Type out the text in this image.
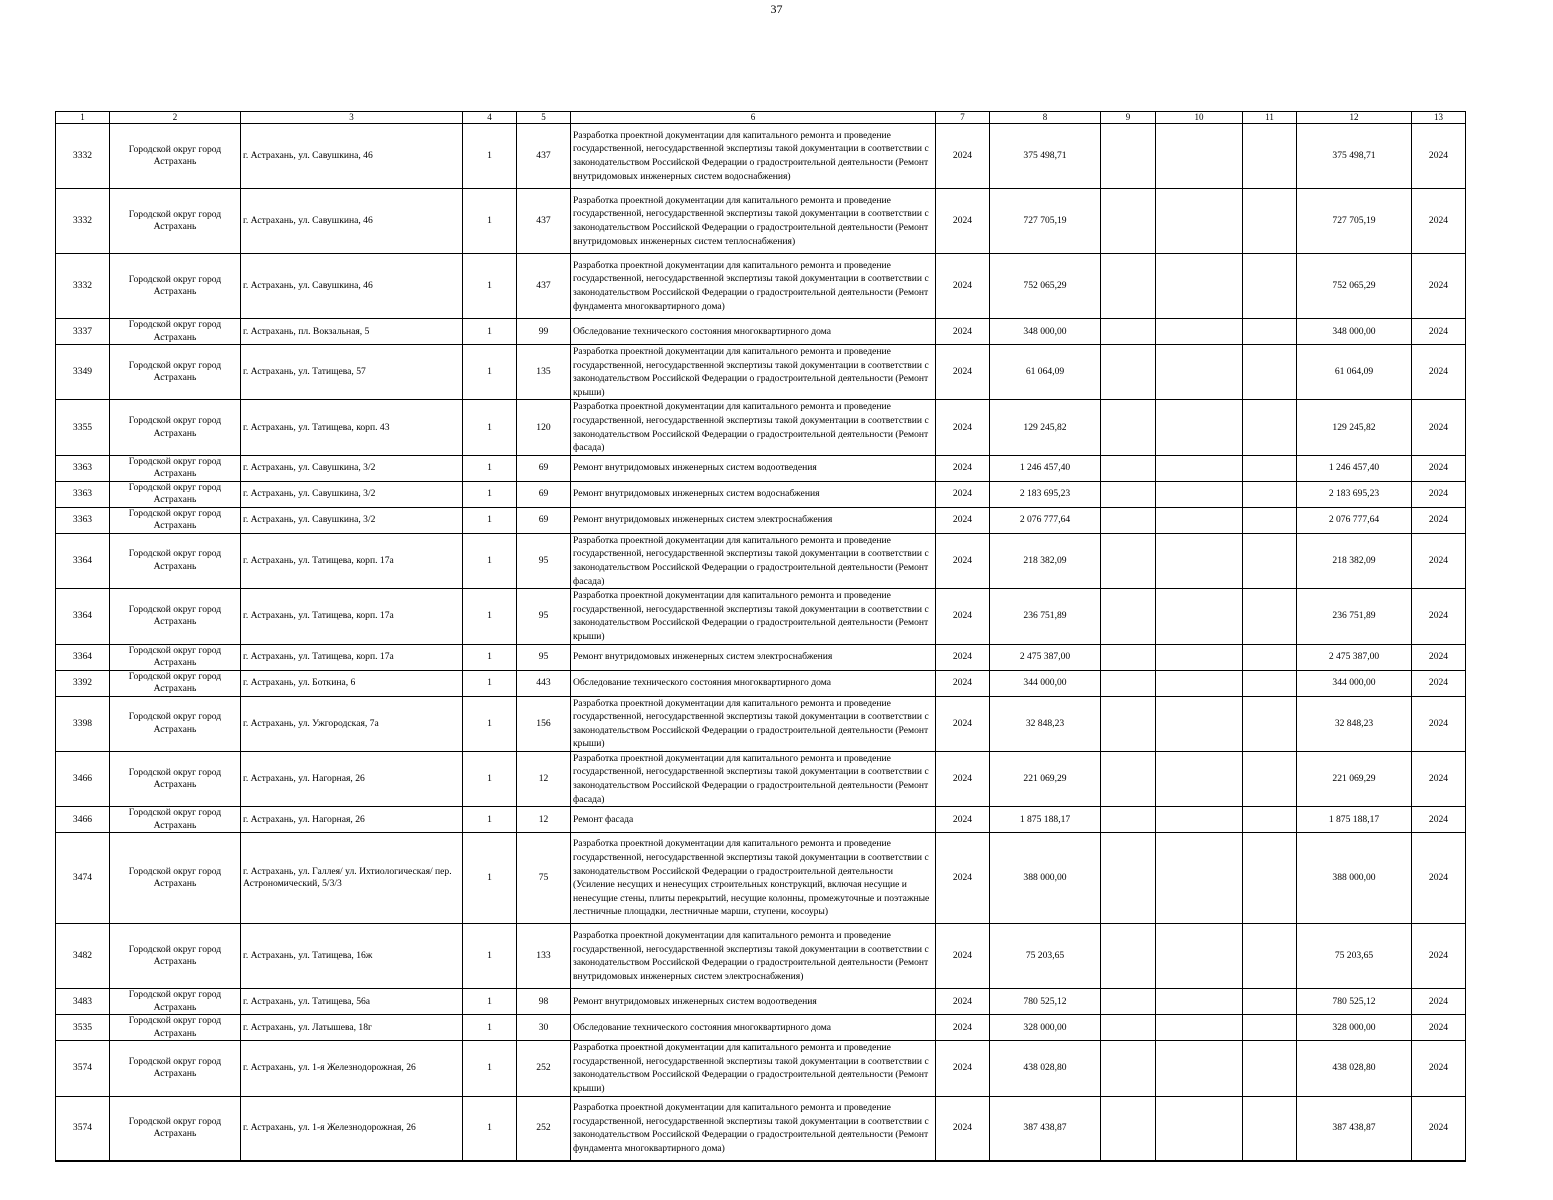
37
1	2	3	4	5	6	7	8	9	10	11	12	13
3332	Городской округ город Астрахань	г. Астрахань, ул. Савушкина, 46	1	437	Разработка проектной документации для капитального ремонта и проведение государственной, негосударственной экспертизы такой документации в соответствии с законодательством Российской Федерации о градостроительной деятельности (Ремонт внутридомовых инженерных систем водоснабжения)	2024	375 498,71				375 498,71	2024
3332	Городской округ город Астрахань	г. Астрахань, ул. Савушкина, 46	1	437	Разработка проектной документации для капитального ремонта и проведение государственной, негосударственной экспертизы такой документации в соответствии с законодательством Российской Федерации о градостроительной деятельности (Ремонт внутридомовых инженерных систем теплоснабжения)	2024	727 705,19				727 705,19	2024
3332	Городской округ город Астрахань	г. Астрахань, ул. Савушкина, 46	1	437	Разработка проектной документации для капитального ремонта и проведение государственной, негосударственной экспертизы такой документации в соответствии с законодательством Российской Федерации о градостроительной деятельности (Ремонт фундамента многоквартирного дома)	2024	752 065,29				752 065,29	2024
3337	Городской округ город Астрахань	г. Астрахань, пл. Вокзальная, 5	1	99	Обследование технического состояния многоквартирного дома	2024	348 000,00				348 000,00	2024
3349	Городской округ город Астрахань	г. Астрахань, ул. Татищева, 57	1	135	Разработка проектной документации для капитального ремонта и проведение государственной, негосударственной экспертизы такой документации в соответствии с законодательством Российской Федерации о градостроительной деятельности (Ремонт крыши)	2024	61 064,09				61 064,09	2024
3355	Городской округ город Астрахань	г. Астрахань, ул. Татищева, корп. 43	1	120	Разработка проектной документации для капитального ремонта и проведение государственной, негосударственной экспертизы такой документации в соответствии с законодательством Российской Федерации о градостроительной деятельности (Ремонт фасада)	2024	129 245,82				129 245,82	2024
3363	Городской округ город Астрахань	г. Астрахань, ул. Савушкина, 3/2	1	69	Ремонт внутридомовых инженерных систем водоотведения	2024	1 246 457,40				1 246 457,40	2024
3363	Городской округ город Астрахань	г. Астрахань, ул. Савушкина, 3/2	1	69	Ремонт внутридомовых инженерных систем водоснабжения	2024	2 183 695,23				2 183 695,23	2024
3363	Городской округ город Астрахань	г. Астрахань, ул. Савушкина, 3/2	1	69	Ремонт внутридомовых инженерных систем электроснабжения	2024	2 076 777,64				2 076 777,64	2024
3364	Городской округ город Астрахань	г. Астрахань, ул. Татищева, корп. 17а	1	95	Разработка проектной документации для капитального ремонта и проведение государственной, негосударственной экспертизы такой документации в соответствии с законодательством Российской Федерации о градостроительной деятельности (Ремонт фасада)	2024	218 382,09				218 382,09	2024
3364	Городской округ город Астрахань	г. Астрахань, ул. Татищева, корп. 17а	1	95	Разработка проектной документации для капитального ремонта и проведение государственной, негосударственной экспертизы такой документации в соответствии с законодательством Российской Федерации о градостроительной деятельности (Ремонт крыши)	2024	236 751,89				236 751,89	2024
3364	Городской округ город Астрахань	г. Астрахань, ул. Татищева, корп. 17а	1	95	Ремонт внутридомовых инженерных систем электроснабжения	2024	2 475 387,00				2 475 387,00	2024
3392	Городской округ город Астрахань	г. Астрахань, ул. Боткина, 6	1	443	Обследование технического состояния многоквартирного дома	2024	344 000,00				344 000,00	2024
3398	Городской округ город Астрахань	г. Астрахань, ул. Ужгородская, 7а	1	156	Разработка проектной документации для капитального ремонта и проведение государственной, негосударственной экспертизы такой документации в соответствии с законодательством Российской Федерации о градостроительной деятельности (Ремонт крыши)	2024	32 848,23				32 848,23	2024
3466	Городской округ город Астрахань	г. Астрахань, ул. Нагорная, 26	1	12	Разработка проектной документации для капитального ремонта и проведение государственной, негосударственной экспертизы такой документации в соответствии с законодательством Российской Федерации о градостроительной деятельности (Ремонт фасада)	2024	221 069,29				221 069,29	2024
3466	Городской округ город Астрахань	г. Астрахань, ул. Нагорная, 26	1	12	Ремонт фасада	2024	1 875 188,17				1 875 188,17	2024
3474	Городской округ город Астрахань	г. Астрахань, ул. Галлея/ ул. Ихтиологическая/ пер. Астрономический, 5/3/3	1	75	Разработка проектной документации для капитального ремонта и проведение государственной, негосударственной экспертизы такой документации в соответствии с законодательством Российской Федерации о градостроительной деятельности (Усиление несущих и ненесущих строительных конструкций, включая несущие и ненесущие стены, плиты перекрытий, несущие колонны, промежуточные и поэтажные лестничные площадки, лестничные марши, ступени, косоуры)	2024	388 000,00				388 000,00	2024
3482	Городской округ город Астрахань	г. Астрахань, ул. Татищева, 16ж	1	133	Разработка проектной документации для капитального ремонта и проведение государственной, негосударственной экспертизы такой документации в соответствии с законодательством Российской Федерации о градостроительной деятельности (Ремонт внутридомовых инженерных систем электроснабжения)	2024	75 203,65				75 203,65	2024
3483	Городской округ город Астрахань	г. Астрахань, ул. Татищева, 56а	1	98	Ремонт внутридомовых инженерных систем водоотведения	2024	780 525,12				780 525,12	2024
3535	Городской округ город Астрахань	г. Астрахань, ул. Латышева, 18г	1	30	Обследование технического состояния многоквартирного дома	2024	328 000,00				328 000,00	2024
3574	Городской округ город Астрахань	г. Астрахань, ул. 1-я Железнодорожная, 26	1	252	Разработка проектной документации для капитального ремонта и проведение государственной, негосударственной экспертизы такой документации в соответствии с законодательством Российской Федерации о градостроительной деятельности (Ремонт крыши)	2024	438 028,80				438 028,80	2024
3574	Городской округ город Астрахань	г. Астрахань, ул. 1-я Железнодорожная, 26	1	252	Разработка проектной документации для капитального ремонта и проведение государственной, негосударственной экспертизы такой документации в соответствии с законодательством Российской Федерации о градостроительной деятельности (Ремонт фундамента многоквартирного дома)	2024	387 438,87				387 438,87	2024
